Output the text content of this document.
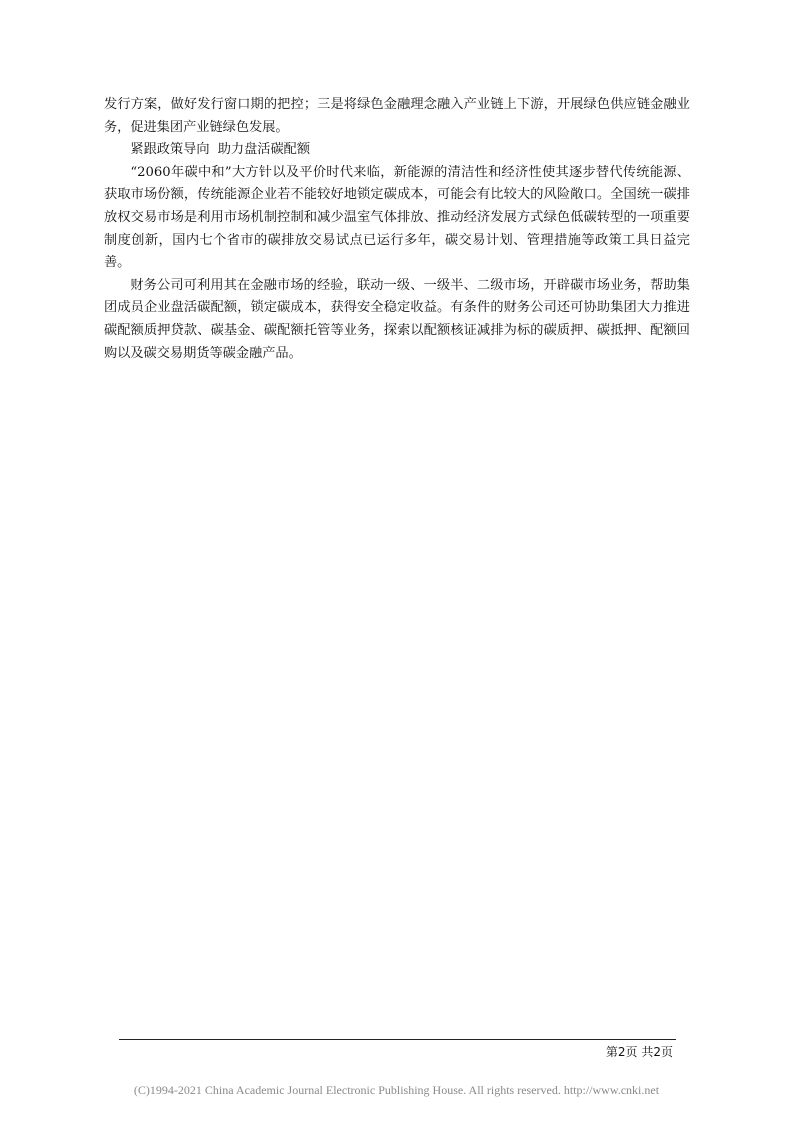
发行方案，做好发行窗口期的把控；三是将绿色金融理念融入产业链上下游，开展绿色供应链金融业务，促进集团产业链绿色发展。

紧跟政策导向 助力盘活碳配额

“2060年碳中和”大方针以及平价时代来临，新能源的清洁性和经济性使其逐步替代传统能源、获取市场份额，传统能源企业若不能较好地锁定碳成本，可能会有比较大的风险敞口。全国统一碳排放权交易市场是利用市场机制控制和减少温室气体排放、推动经济发展方式绿色低碳转型的一项重要制度创新，国内七个省市的碳排放交易试点已运行多年，碳交易计划、管理措施等政策工具日益完善。

财务公司可利用其在金融市场的经验，联动一级、一级半、二级市场，开辟碳市场业务，帮助集团成员企业盘活碳配额，锁定碳成本，获得安全稳定收益。有条件的财务公司还可协助集团大力推进碳配额质押贷款、碳基金、碳配额托管等业务，探索以配额核证减排为标的碳质押、碳抵押、配额回购以及碳交易期货等碳金融产品。

第2页 共2页
(C)1994-2021 China Academic Journal Electronic Publishing House. All rights reserved. http://www.cnki.net
